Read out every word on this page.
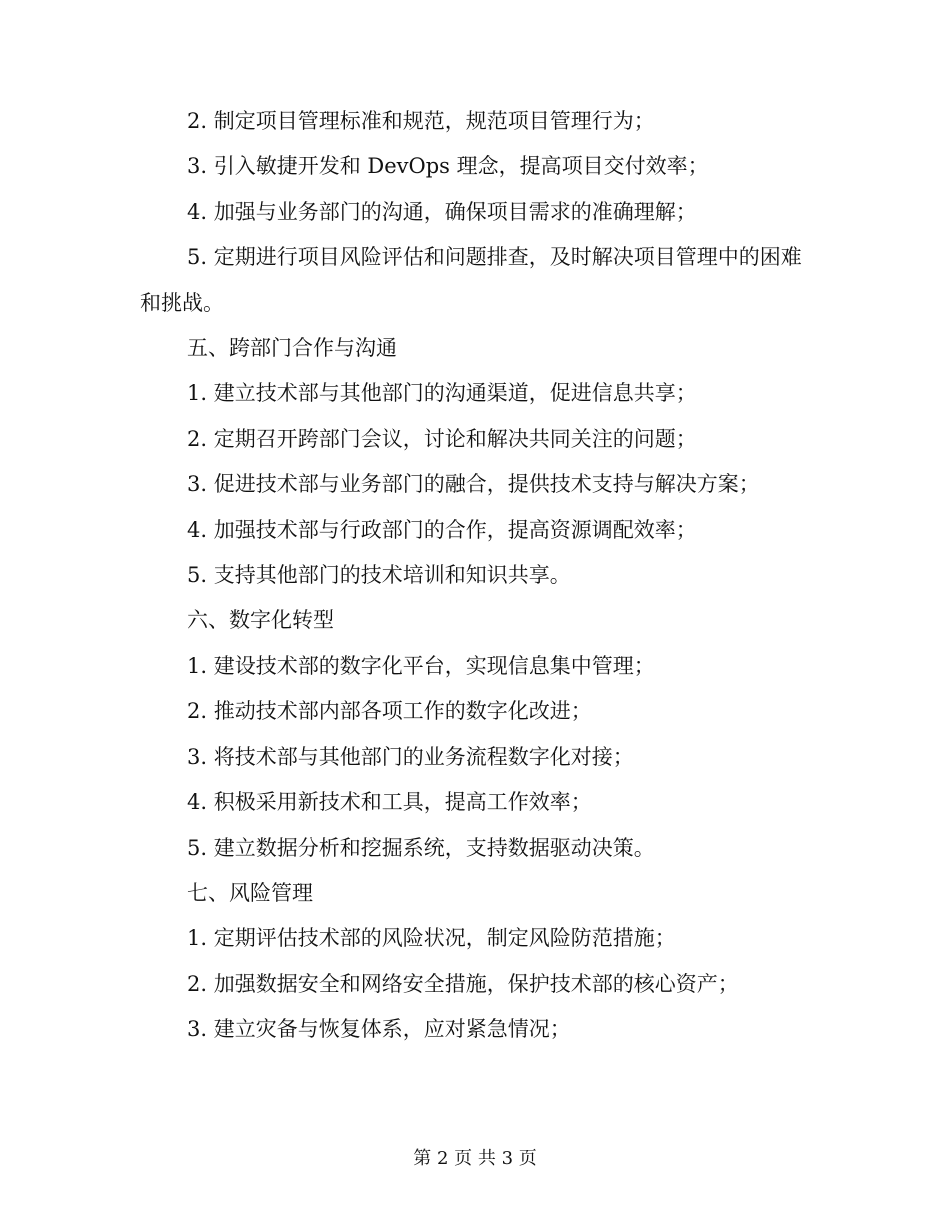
2. 制定项目管理标准和规范，规范项目管理行为；

3. 引入敏捷开发和 DevOps 理念，提高项目交付效率；

4. 加强与业务部门的沟通，确保项目需求的准确理解；

5. 定期进行项目风险评估和问题排查，及时解决项目管理中的困难和挑战。

五、跨部门合作与沟通

1. 建立技术部与其他部门的沟通渠道，促进信息共享；

2. 定期召开跨部门会议，讨论和解决共同关注的问题；

3. 促进技术部与业务部门的融合，提供技术支持与解决方案；

4. 加强技术部与行政部门的合作，提高资源调配效率；

5. 支持其他部门的技术培训和知识共享。

六、数字化转型

1. 建设技术部的数字化平台，实现信息集中管理；

2. 推动技术部内部各项工作的数字化改进；

3. 将技术部与其他部门的业务流程数字化对接；

4. 积极采用新技术和工具，提高工作效率；

5. 建立数据分析和挖掘系统，支持数据驱动决策。

七、风险管理

1. 定期评估技术部的风险状况，制定风险防范措施；

2. 加强数据安全和网络安全措施，保护技术部的核心资产；

3. 建立灾备与恢复体系，应对紧急情况；

第 2 页 共 3 页
